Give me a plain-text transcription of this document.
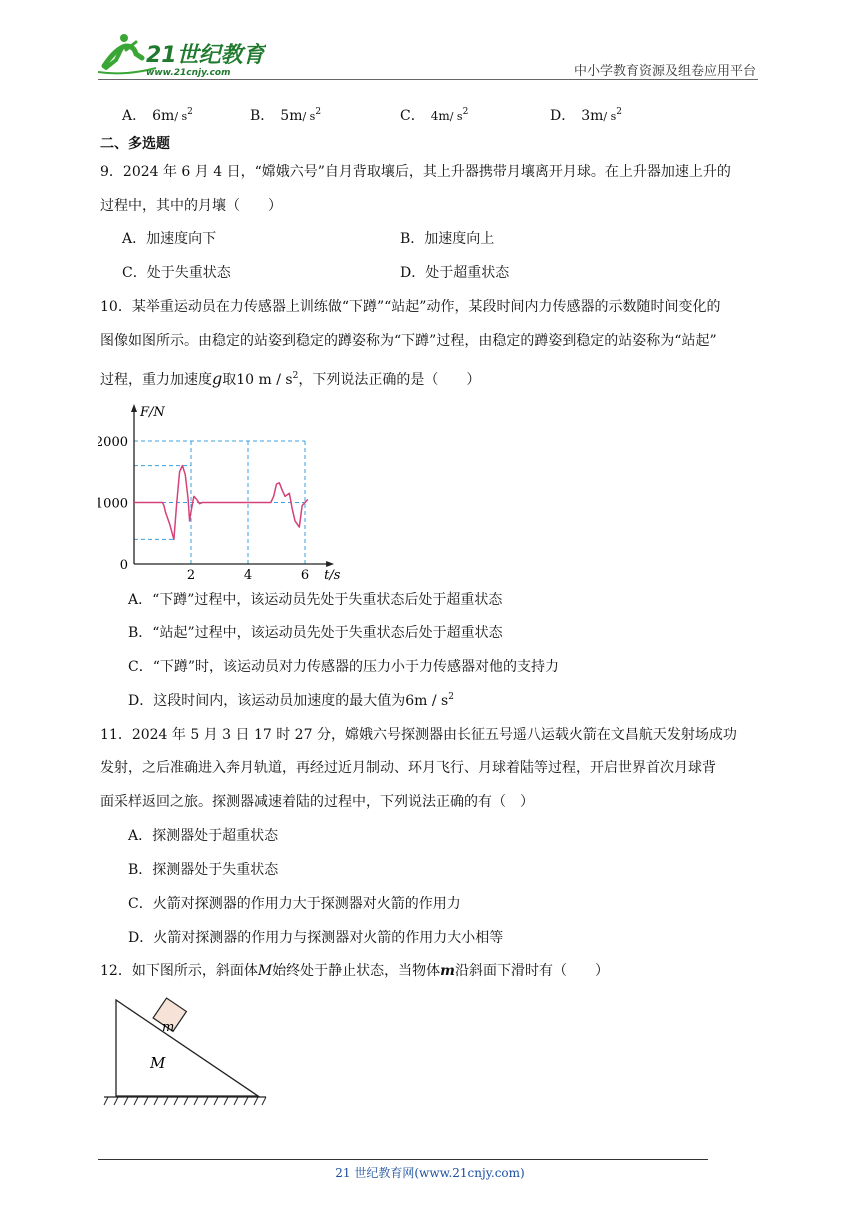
21世纪教育
www.21cnjy.com	中小学教育资源及组卷应用平台
A． 6m/ $s^2$	B． 5m/ $s^2$	C． 4m/ $s^2$	D． 3m/ $s^2$
二、多选题
9．2024 年 6 月 4 日，“嫦娥六号”自月背取壤后，其上升器携带月壤离开月球。在上升器加速上升的
过程中，其中的月壤（　　）
A．加速度向下	B．加速度向上
C．处于失重状态	D．处于超重状态
10．某举重运动员在力传感器上训练做“下蹲”“站起”动作，某段时间内力传感器的示数随时间变化的
图像如图所示。由稳定的站姿到稳定的蹲姿称为“下蹲”过程，由稳定的蹲姿到稳定的站姿称为“站起”
过程，重力加速度g取10 m / $s^2$，下列说法正确的是（　　）
2000
1000
0
2	4	6
F/N
t/s
A．“下蹲”过程中，该运动员先处于失重状态后处于超重状态
B．“站起”过程中，该运动员先处于失重状态后处于超重状态
C．“下蹲”时，该运动员对力传感器的压力小于力传感器对他的支持力
D．这段时间内，该运动员加速度的最大值为$6m / s^2$
11．2024 年 5 月 3 日 17 时 27 分，嫦娥六号探测器由长征五号遥八运载火箭在文昌航天发射场成功
发射，之后准确进入奔月轨道，再经过近月制动、环月飞行、月球着陆等过程，开启世界首次月球背
面采样返回之旅。探测器减速着陆的过程中，下列说法正确的有（　）
A．探测器处于超重状态
B．探测器处于失重状态
C．火箭对探测器的作用力大于探测器对火箭的作用力
D．火箭对探测器的作用力与探测器对火箭的作用力大小相等
12．如下图所示，斜面体M始终处于静止状态，当物体m沿斜面下滑时有（　　）
m
M
21 世纪教育网(www.21cnjy.com)
